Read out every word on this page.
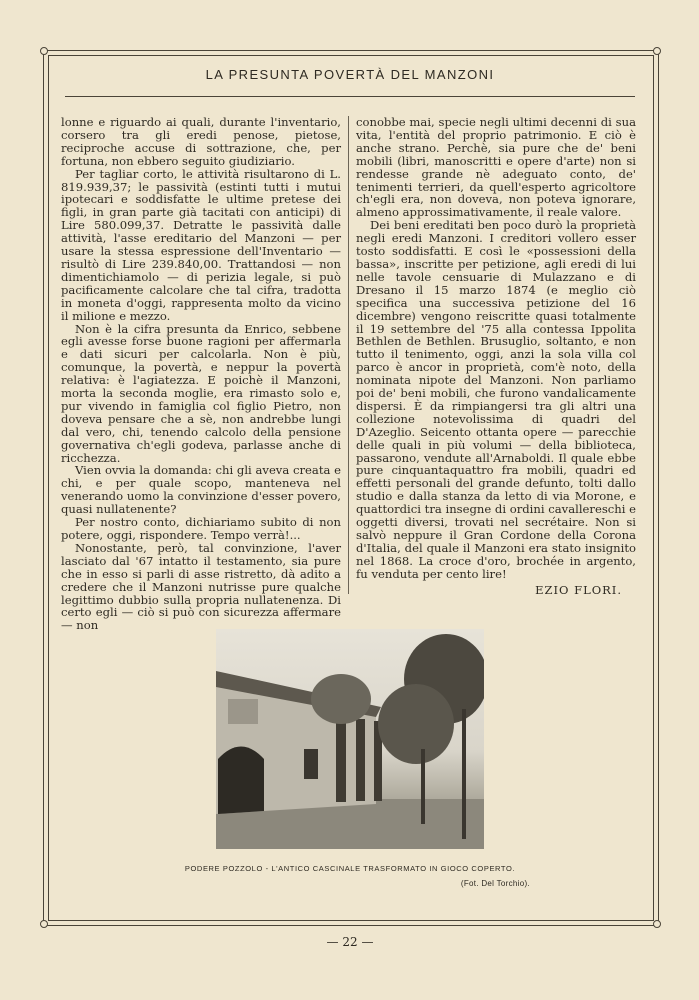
LA PRESUNTA POVERTÀ DEL MANZONI

lonne e riguardo ai quali, durante l'inventario, corsero tra gli eredi penose, pietose, reciproche accuse di sottrazione, che, per fortuna, non ebbero seguito giudiziario.

Per tagliar corto, le attività risultarono di L. 819.939,37; le passività (estinti tutti i mutui ipotecari e soddisfatte le ultime pretese dei figli, in gran parte già tacitati con anticipi) di Lire 580.099,37. Detratte le passività dalle attività, l'asse ereditario del Manzoni — per usare la stessa espressione dell'Inventario — risultò di Lire 239.840,00. Trattandosi — non dimentichiamolo — di perizia legale, si può pacificamente calcolare che tal cifra, tradotta in moneta d'oggi, rappresenta molto da vicino il milione e mezzo.

Non è la cifra presunta da Enrico, sebbene egli avesse forse buone ragioni per affermarla e dati sicuri per calcolarla. Non è più, comunque, la povertà, e neppur la povertà relativa: è l'agiatezza. E poichè il Manzoni, morta la seconda moglie, era rimasto solo e, pur vivendo in famiglia col figlio Pietro, non doveva pensare che a sè, non andrebbe lungi dal vero, chi, tenendo calcolo della pensione governativa ch'egli godeva, parlasse anche di ricchezza.

Vien ovvia la domanda: chi gli aveva creata e chi, e per quale scopo, manteneva nel venerando uomo la convinzione d'esser povero, quasi nullatenente?

Per nostro conto, dichiariamo subito di non potere, oggi, rispondere. Tempo verrà!...

Nonostante, però, tal convinzione, l'aver lasciato dal '67 intatto il testamento, sia pure che in esso si parli di asse ristretto, dà adito a credere che il Manzoni nutrisse pure qualche legittimo dubbio sulla propria nullatenenza. Di certo egli — ciò si può con sicurezza affermare — non

conobbe mai, specie negli ultimi decenni di sua vita, l'entità del proprio patrimonio. E ciò è anche strano. Perchè, sia pure che de' beni mobili (libri, manoscritti e opere d'arte) non si rendesse grande nè adeguato conto, de' tenimenti terrieri, da quell'esperto agricoltore ch'egli era, non doveva, non poteva ignorare, almeno approssimativamente, il reale valore.

Dei beni ereditati ben poco durò la proprietà negli eredi Manzoni. I creditori vollero esser tosto soddisfatti. E così le «possessioni della bassa», inscritte per petizione, agli eredi di lui nelle tavole censuarie di Mulazzano e di Dresano il 15 marzo 1874 (e meglio ciò specifica una successiva petizione del 16 dicembre) vengono reiscritte quasi totalmente il 19 settembre del '75 alla contessa Ippolita Bethlen de Bethlen. Brusuglio, soltanto, e non tutto il tenimento, oggi, anzi la sola villa col parco è ancor in proprietà, com'è noto, della nominata nipote del Manzoni. Non parliamo poi de' beni mobili, che furono vandalicamente dispersi. È da rimpiangersi tra gli altri una collezione notevolissima di quadri del D'Azeglio. Seicento ottanta opere — parecchie delle quali in più volumi — della biblioteca, passarono, vendute all'Arnaboldi. Il quale ebbe pure cinquantaquattro fra mobili, quadri ed effetti personali del grande defunto, tolti dallo studio e dalla stanza da letto di via Morone, e quattordici tra insegne di ordini cavallereschi e oggetti diversi, trovati nel secrétaire. Non si salvò neppure il Gran Cordone della Corona d'Italia, del quale il Manzoni era stato insignito nel 1868. La croce d'oro, brochée in argento, fu venduta per cento lire!

EZIO FLORI.
PODERE POZZOLO - L'ANTICO CASCINALE TRASFORMATO IN GIOCO COPERTO.
(Fot. Del Torchio).
— 22 —
